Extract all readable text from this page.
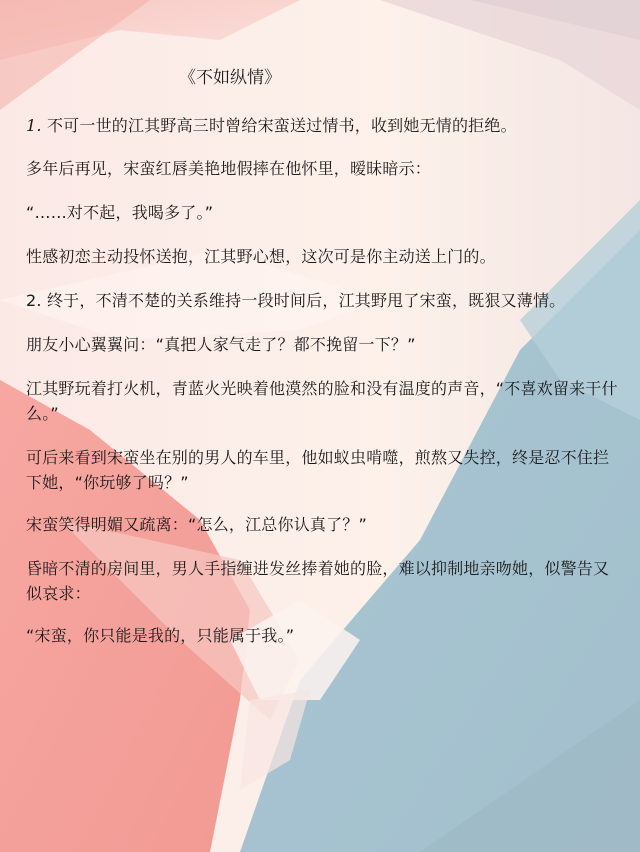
《不如纵情》
1. 不可一世的江其野高三时曾给宋蛮送过情书，收到她无情的拒绝。
多年后再见，宋蛮红唇美艳地假摔在他怀里，暧昧暗示：
“……对不起，我喝多了。”
性感初恋主动投怀送抱，江其野心想，这次可是你主动送上门的。
2. 终于，不清不楚的关系维持一段时间后，江其野甩了宋蛮，既狠又薄情。
朋友小心翼翼问：“真把人家气走了？都不挽留一下？”
江其野玩着打火机，青蓝火光映着他漠然的脸和没有温度的声音，“不喜欢留来干什么。”
可后来看到宋蛮坐在别的男人的车里，他如蚁虫啃噬，煎熬又失控，终是忍不住拦下她，“你玩够了吗？”
宋蛮笑得明媚又疏离：“怎么，江总你认真了？”
昏暗不清的房间里，男人手指缠进发丝捧着她的脸，难以抑制地亲吻她，似警告又似哀求：
“宋蛮，你只能是我的，只能属于我。”
